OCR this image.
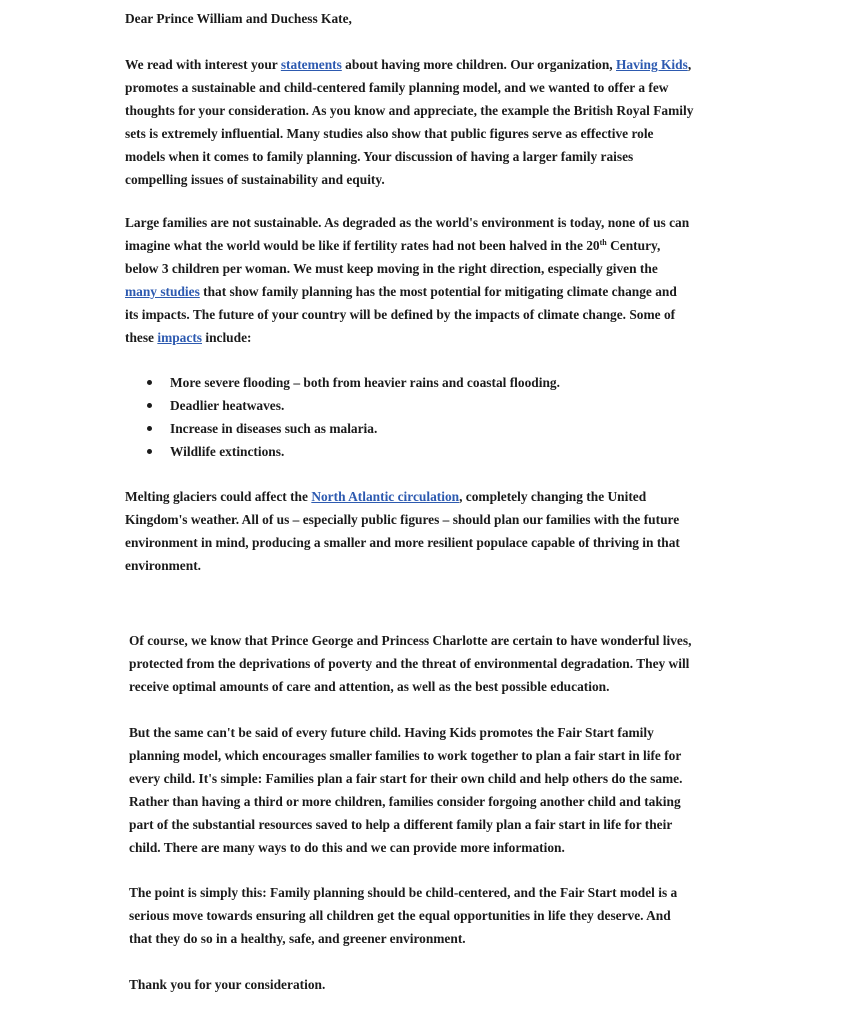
Dear Prince William and Duchess Kate,

We read with interest your statements about having more children. Our organization, Having Kids,

promotes a sustainable and child-centered family planning model, and we wanted to offer a few

thoughts for your consideration. As you know and appreciate, the example the British Royal Family

sets is extremely influential. Many studies also show that public figures serve as effective role

models when it comes to family planning. Your discussion of having a larger family raises

compelling issues of sustainability and equity.

Large families are not sustainable. As degraded as the world's environment is today, none of us can

imagine what the world would be like if fertility rates had not been halved in the 20th Century,

below 3 children per woman. We must keep moving in the right direction, especially given the

many studies that show family planning has the most potential for mitigating climate change and

its impacts. The future of your country will be defined by the impacts of climate change. Some of

these impacts include:

More severe flooding – both from heavier rains and coastal flooding.
Deadlier heatwaves.
Increase in diseases such as malaria.
Wildlife extinctions.

Melting glaciers could affect the North Atlantic circulation, completely changing the United

Kingdom's weather. All of us – especially public figures – should plan our families with the future

environment in mind, producing a smaller and more resilient populace capable of thriving in that

environment.

Of course, we know that Prince George and Princess Charlotte are certain to have wonderful lives,

protected from the deprivations of poverty and the threat of environmental degradation. They will

receive optimal amounts of care and attention, as well as the best possible education.

But the same can't be said of every future child. Having Kids promotes the Fair Start family

planning model, which encourages smaller families to work together to plan a fair start in life for

every child. It's simple: Families plan a fair start for their own child and help others do the same.

Rather than having a third or more children, families consider forgoing another child and taking

part of the substantial resources saved to help a different family plan a fair start in life for their

child. There are many ways to do this and we can provide more information.

The point is simply this: Family planning should be child-centered, and the Fair Start model is a

serious move towards ensuring all children get the equal opportunities in life they deserve. And

that they do so in a healthy, safe, and greener environment.

Thank you for your consideration.
